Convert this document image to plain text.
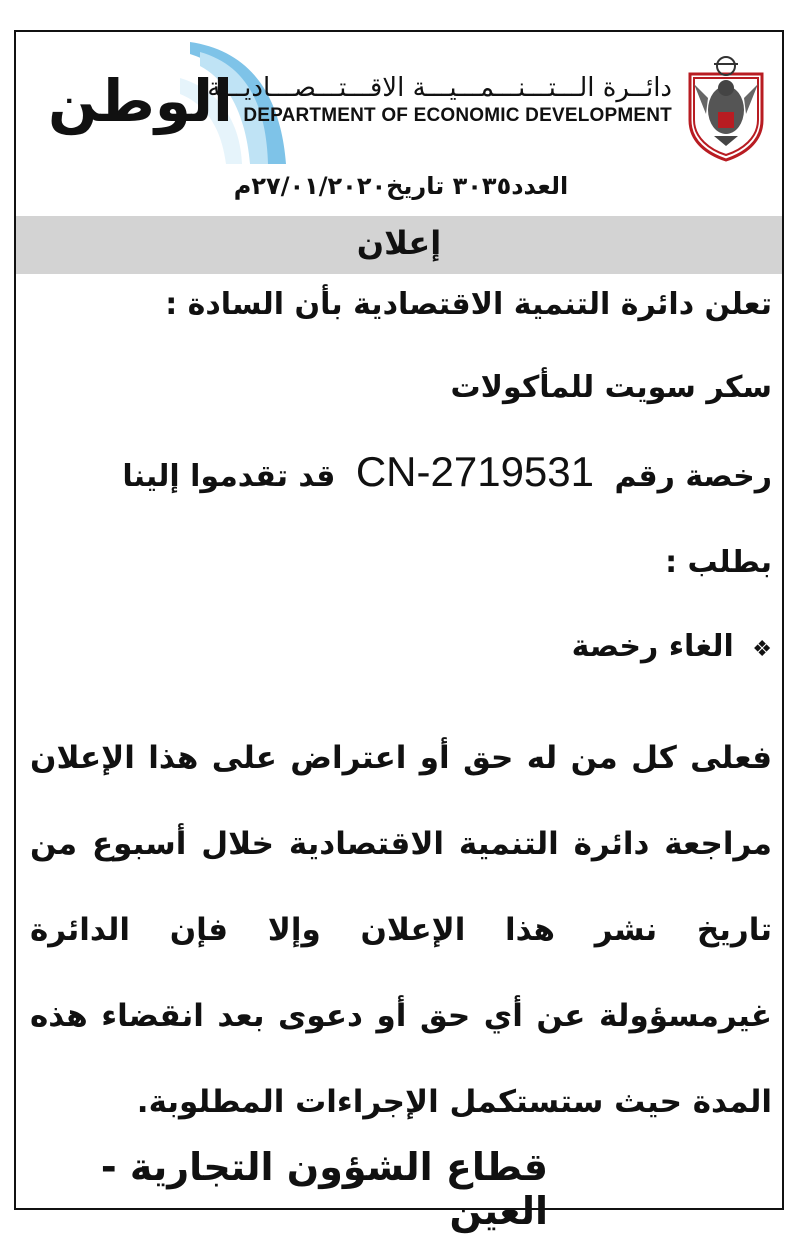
الوطن
دائــرة الـــتـــنـــمـــيـــة الاقـــتـــصـــاديـــة
DEPARTMENT OF ECONOMIC DEVELOPMENT
العدد٣٠٣٥ تاريخ٢٧/٠١/٢٠٢٠م
إعلان
تعلن دائرة التنمية الاقتصادية بأن السادة :
سكر سويت للمأكولات
رخصة رقم CN-2719531 قد تقدموا إلينا
بطلب :
❖ الغاء رخصة
فعلى كل من له حق أو اعتراض على هذا الإعلان مراجعة دائرة التنمية الاقتصادية خلال أسبوع من تاريخ نشر هذا الإعلان وإلا فإن الدائرة غيرمسؤولة عن أي حق أو دعوى بعد انقضاء هذه المدة حيث ستستكمل الإجراءات المطلوبة.
قطاع الشؤون التجارية - العين
